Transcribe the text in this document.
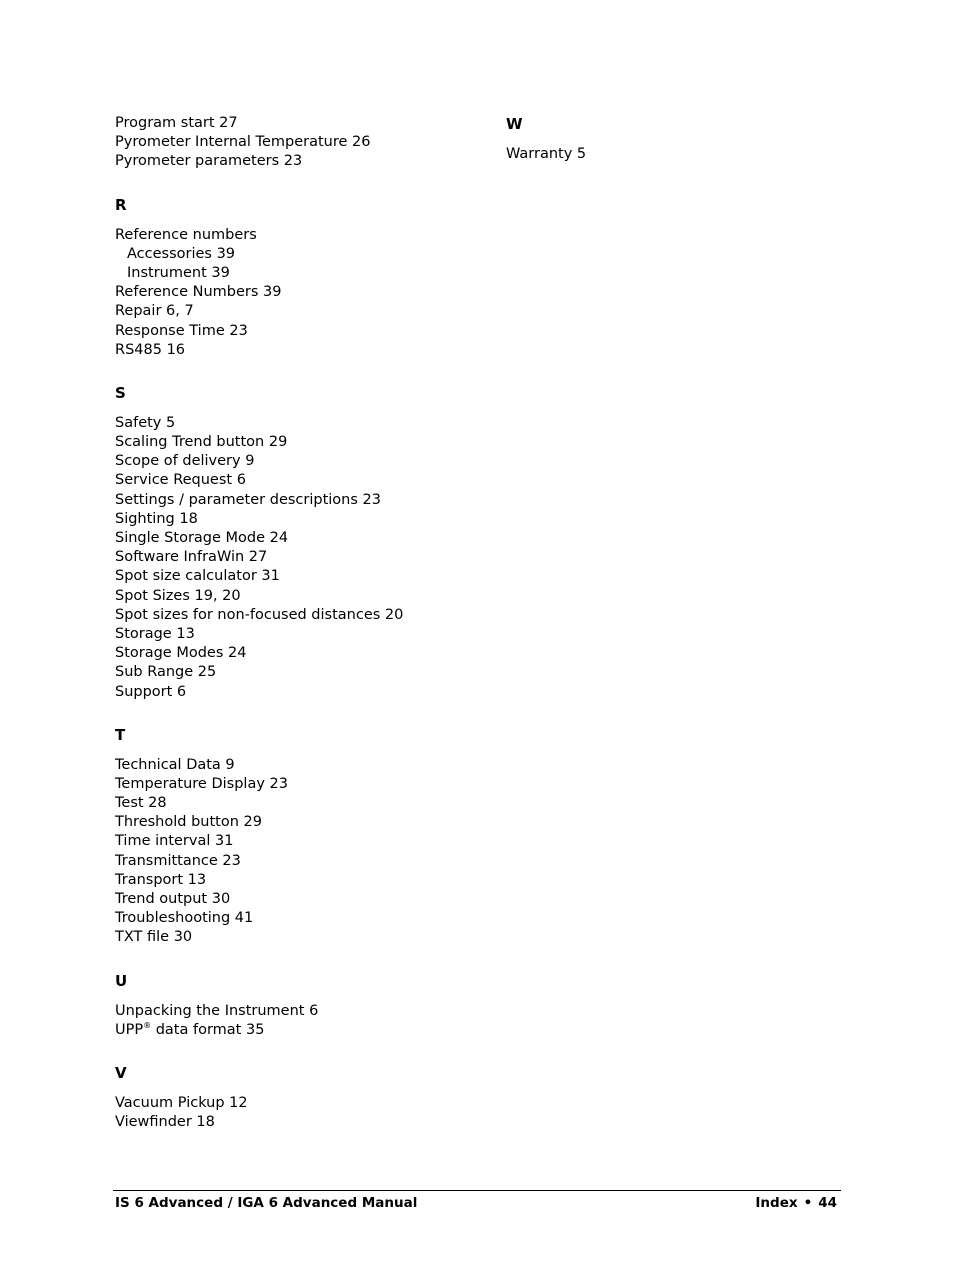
Program start 27
Pyrometer Internal Temperature 26
Pyrometer parameters 23
R
Reference numbers
Accessories 39
Instrument 39
Reference Numbers 39
Repair 6, 7
Response Time 23
RS485 16
S
Safety 5
Scaling Trend button 29
Scope of delivery 9
Service Request 6
Settings / parameter descriptions 23
Sighting 18
Single Storage Mode 24
Software InfraWin 27
Spot size calculator 31
Spot Sizes 19, 20
Spot sizes for non-focused distances 20
Storage 13
Storage Modes 24
Sub Range 25
Support 6
T
Technical Data 9
Temperature Display 23
Test 28
Threshold button 29
Time interval 31
Transmittance 23
Transport 13
Trend output 30
Troubleshooting 41
TXT file 30
U
Unpacking the Instrument 6
UPP® data format 35
V
Vacuum Pickup 12
Viewfinder 18
W
Warranty 5
IS 6 Advanced / IGA 6 Advanced Manual	Index • 44
